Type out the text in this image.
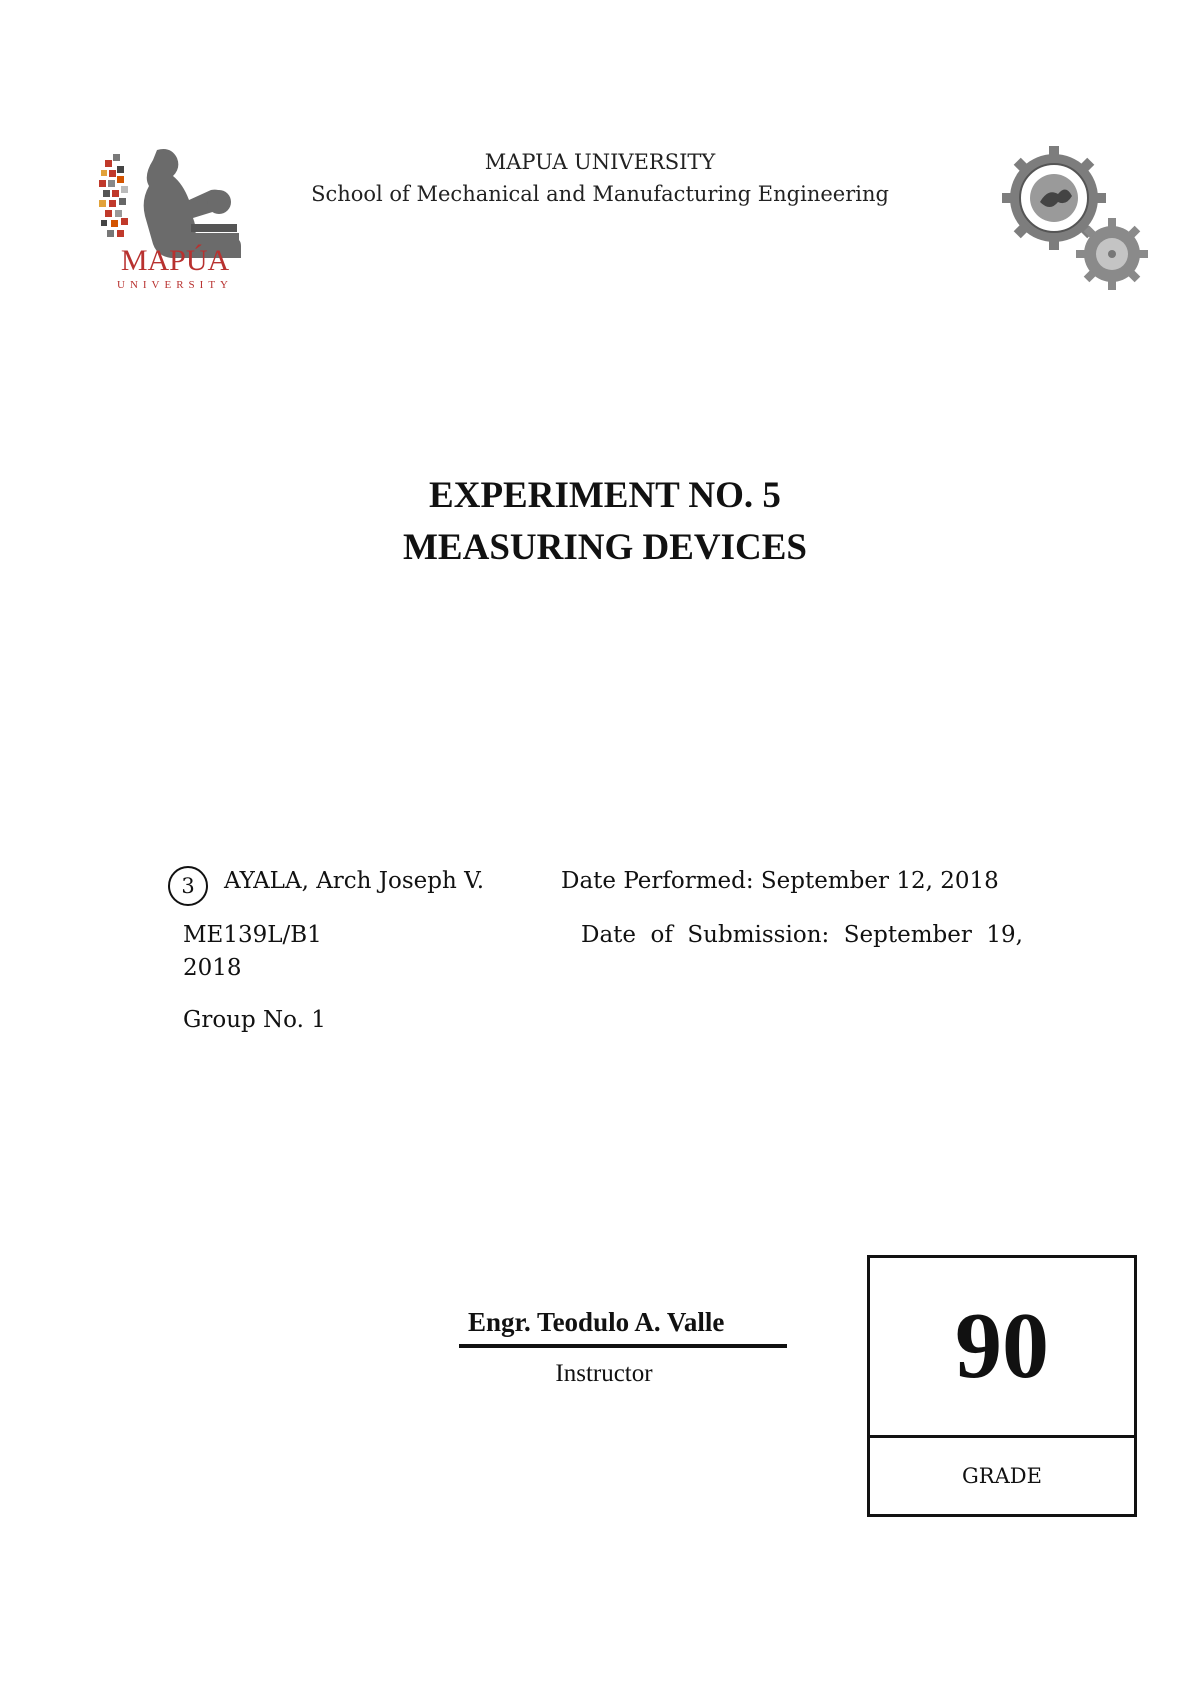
MAPÚA
UNIVERSITY
MAPUA UNIVERSITY
School of Mechanical and Manufacturing Engineering
EXPERIMENT NO. 5
MEASURING DEVICES
3	AYALA, Arch Joseph V.	Date Performed: September 12, 2018
ME139L/B1	Date of Submission: September 19,
2018
Group No. 1
Engr. Teodulo A. Valle
Instructor	90
GRADE
